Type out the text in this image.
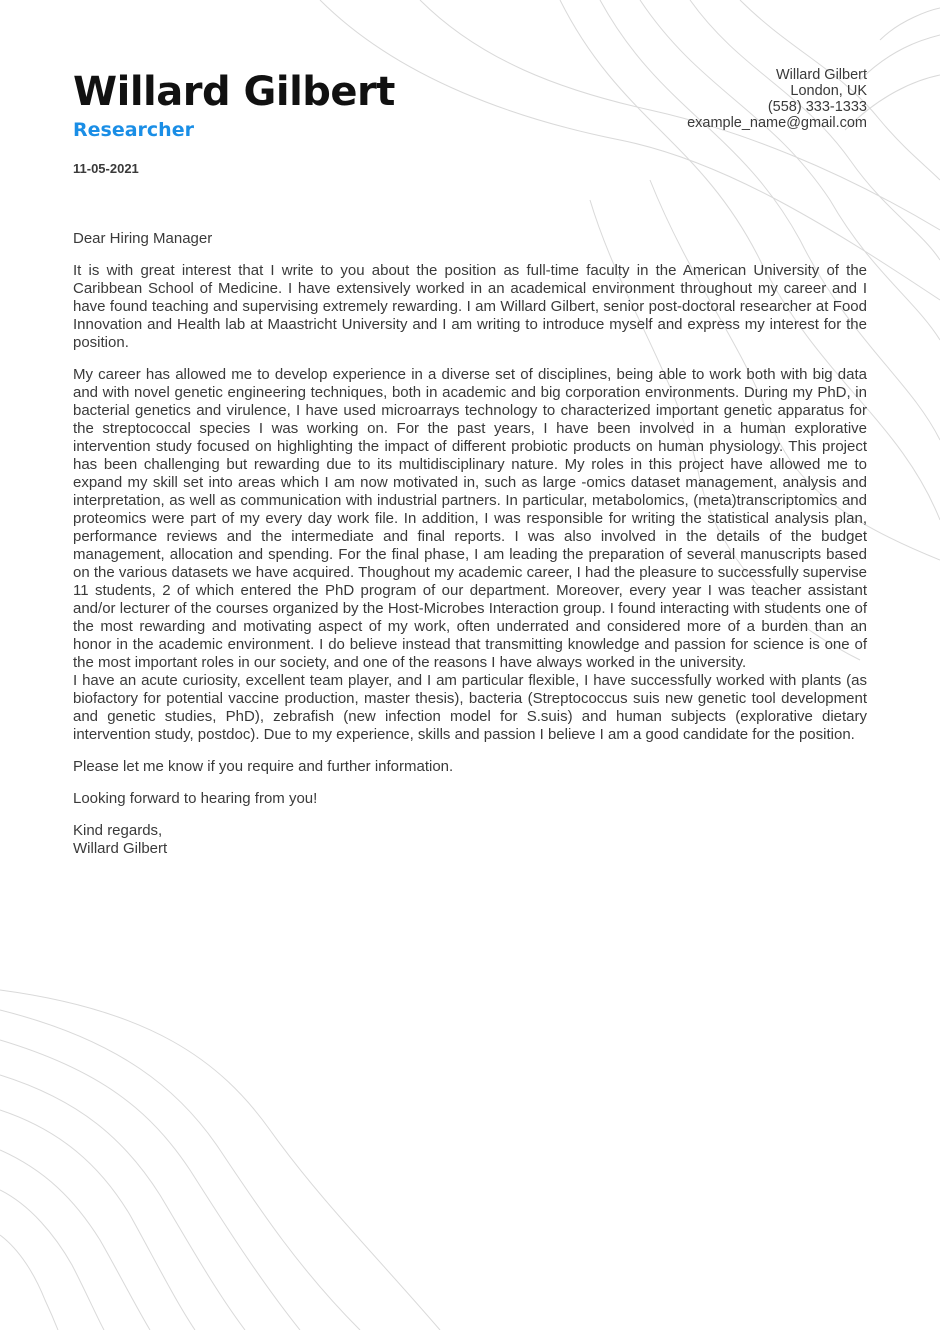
Willard Gilbert
Researcher
11-05-2021
Willard Gilbert
London, UK
(558) 333-1333
example_name@gmail.com

Dear Hiring Manager

It is with great interest that I write to you about the position as full-time faculty in the American University of the Caribbean School of Medicine. I have extensively worked in an academical environment throughout my career and I have found teaching and supervising extremely rewarding. I am Willard Gilbert, senior post-doctoral researcher at Food Innovation and Health lab at Maastricht University and I am writing to introduce myself and express my interest for the position.

My career has allowed me to develop experience in a diverse set of disciplines, being able to work both with big data and with novel genetic engineering techniques, both in academic and big corporation environments. During my PhD, in bacterial genetics and virulence, I have used microarrays technology to characterized important genetic apparatus for the streptococcal species I was working on. For the past years, I have been involved in a human explorative intervention study focused on highlighting the impact of different probiotic products on human physiology. This project has been challenging but rewarding due to its multidisciplinary nature. My roles in this project have allowed me to expand my skill set into areas which I am now motivated in, such as large -omics dataset management, analysis and interpretation, as well as communication with industrial partners. In particular, metabolomics, (meta)transcriptomics and proteomics were part of my every day work file. In addition, I was responsible for writing the statistical analysis plan, performance reviews and the intermediate and final reports. I was also involved in the details of the budget management, allocation and spending. For the final phase, I am leading the preparation of several manuscripts based on the various datasets we have acquired. Thoughout my academic career, I had the pleasure to successfully supervise 11 students, 2 of which entered the PhD program of our department. Moreover, every year I was teacher assistant and/or lecturer of the courses organized by the Host-Microbes Interaction group. I found interacting with students one of the most rewarding and motivating aspect of my work, often underrated and considered more of a burden than an honor in the academic environment. I do believe instead that transmitting knowledge and passion for science is one of the most important roles in our society, and one of the reasons I have always worked in the university.

I have an acute curiosity, excellent team player, and I am particular flexible, I have successfully worked with plants (as biofactory for potential vaccine production, master thesis), bacteria (Streptococcus suis new genetic tool development and genetic studies, PhD), zebrafish (new infection model for S.suis) and human subjects (explorative dietary intervention study, postdoc). Due to my experience, skills and passion I believe I am a good candidate for the position.

Please let me know if you require and further information.

Looking forward to hearing from you!

Kind regards,
Willard Gilbert
